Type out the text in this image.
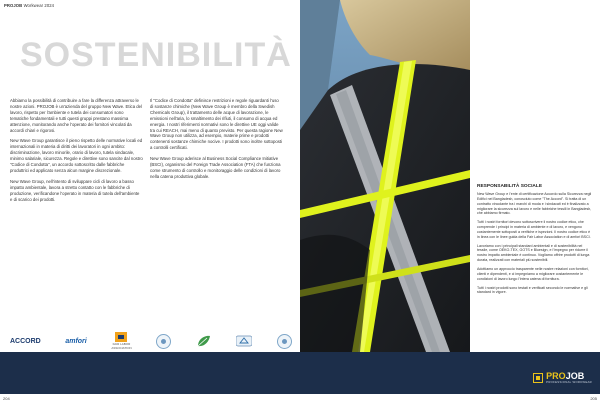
PROJOB Workwear 2024
SOSTENIBILITÀ

Abbiamo la possibilità di contribuire a fare la differenza attraverso le nostre azioni. PROJOB è un'azienda del gruppo New Wave. Etica del lavoro, rispetto per l'ambiente e tutela dei consumatori sono tematiche fondamentali e tutti questi gruppi prestano massima attenzione, monitorando anche l'operato dei fornitori vincolati da accordi chiari e rigorosi.

New Wave Group garantisce il pieno rispetto delle normative locali ed internazionali in materia di diritti dei lavoratori in ogni ambito: discriminazione, lavoro minorile, orario di lavoro, tutela sindacale, minimo salariale, sicurezza. Regole e direttive sono sancite dal nostro "Codice di Condotta", un accordo sottoscritto dalle fabbriche produttrici ed applicato senza alcun margine discrezionale.

New Wave Group, nell'intento di sviluppare cicli di lavoro a basso impatto ambientale, lavora a stretto contatto con le fabbriche di produzione, verificandone l'operato in materia di tutela dell'ambiente e di scarico dei prodotti.

Il "Codice di Condotta" definisce restrizioni e regole riguardanti l'uso di sostanze chimiche (New Wave Group è membro della Swedish Chemicals Group), il trattamento delle acque di lavorazione, le emissioni nell'aria, lo smaltimento dei rifiuti, il consumo di acqua ed energia. I nostri riferimenti normativi sono le direttive UE oggi valide tra cui REACH, mai meno di quanto previsto. Per questa ragione New Wave Group non utilizza, ad esempio, materie prime e prodotti contenenti sostanze chimiche nocive. I prodotti sono inoltre sottoposti a controlli certificati.

New Wave Group aderisce al Business Social Compliance Initiative (BSCI), organismo del Foreign Trade Association (FTA) che funziona come strumento di controllo e monitoraggio delle condizioni di lavoro nella catena produttiva globale.

ACCORD	amfori	FAIR LABOR
ASSOCIATION
204
RESPONSABILITÀ SOCIALE

New Wave Group e l'ente di certificazione Accordo sulla Sicurezza negli Edifici nel Bangladesh, conosciuto come "The Accord". Si tratta di un contratto vincolante tra i marchi di moda e i sindacati ed è finalizzato a migliorare la sicurezza sul lavoro e nelle fabbriche tessili in Bangladesh, che abbiamo firmato.

Tutti i nostri fornitori devono sottoscrivere il nostro codice etico, che comprende i principi in materia di ambiente e di lavoro, e vengono costantemente sottoposti a verifiche e ispezioni. Il nostro codice etico è in linea con le linee guida della Fair Labor Association e di amfori BSCI.

Lavoriamo con i principali standard ambientali e di sostenibilità nel tessile, come OEKO-TEX, GOTS e Bluesign, e l'impegno per ridurre il nostro impatto ambientale è continuo. Vogliamo offrire prodotti di lunga durata, realizzati con materiali più sostenibili.

Adottiamo un approccio trasparente nelle nostre relazioni con fornitori, clienti e dipendenti, e ci impegniamo a migliorare costantemente le condizioni di lavoro lungo l'intera catena di fornitura.

Tutti i nostri prodotti sono testati e verificati secondo le normative e gli standard in vigore.

PROJOB
PROFESSIONAL WORKWEAR
205
